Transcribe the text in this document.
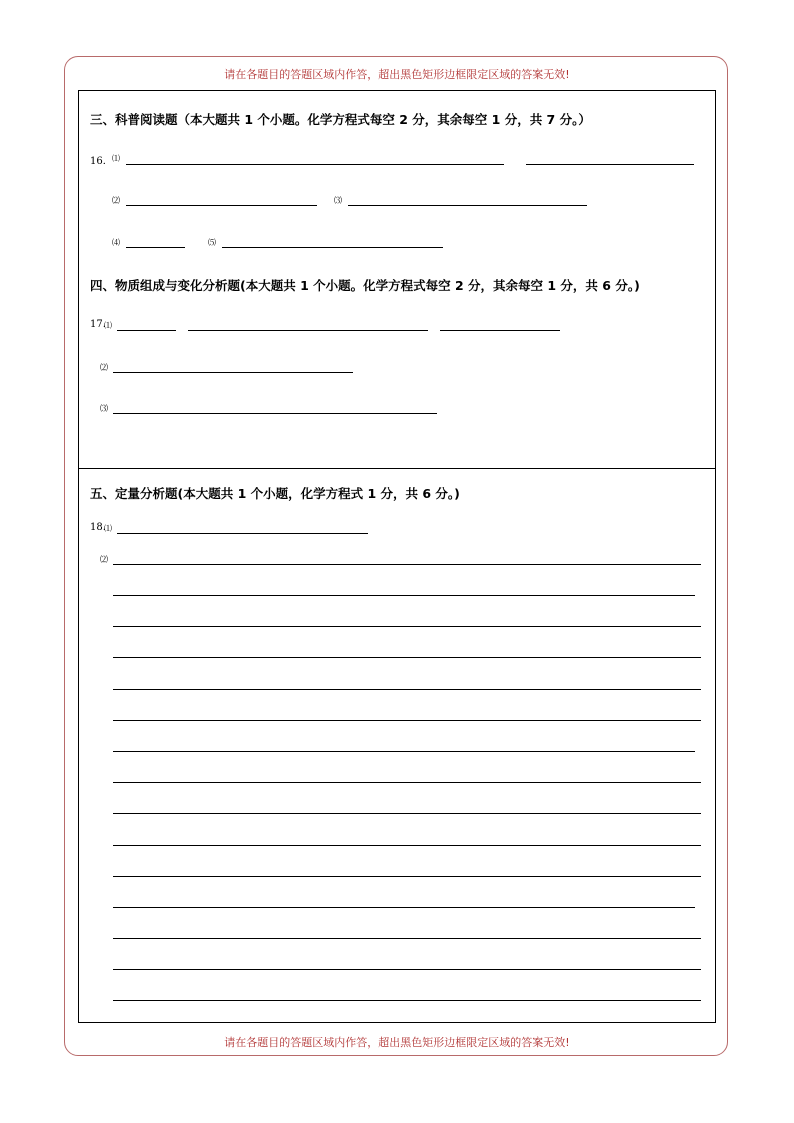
请在各题目的答题区域内作答，超出黑色矩形边框限定区域的答案无效!
三、科普阅读题（本大题共 1 个小题。化学方程式每空 2 分，其余每空 1 分，共 7 分。）
16． ⑴
⑵	⑶
⑷	⑸
四、物质组成与变化分析题(本大题共 1 个小题。化学方程式每空 2 分，其余每空 1 分，共 6 分。)
17.
⑴
⑵
⑶
五、定量分析题(本大题共 1 个小题，化学方程式 1 分，共 6 分。)
18.
⑴
⑵
请在各题目的答题区域内作答，超出黑色矩形边框限定区域的答案无效!
